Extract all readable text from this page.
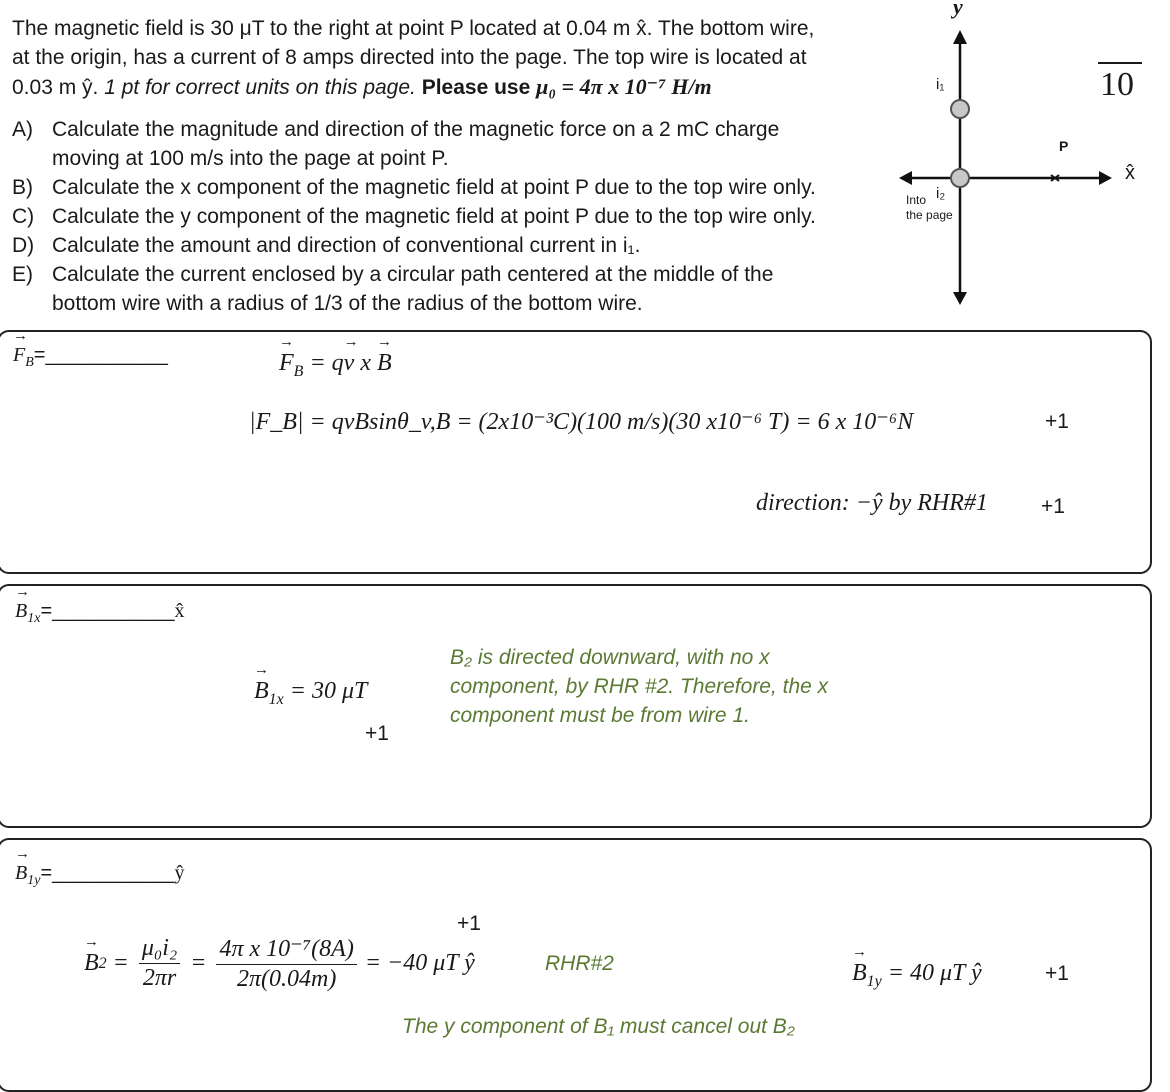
The magnetic field is 30 μT to the right at point P located at 0.04 m x̂. The bottom wire,
at the origin, has a current of 8 amps directed into the page. The top wire is located at
0.03 m ŷ. 1 pt for correct units on this page. Please use μ₀ = 4π x 10⁻⁷ H/m
A) Calculate the magnitude and direction of the magnetic force on a 2 mC charge
moving at 100 m/s into the page at point P.
B) Calculate the x component of the magnetic field at point P due to the top wire only.
C) Calculate the y component of the magnetic field at point P due to the top wire only.
D) Calculate the amount and direction of conventional current in i₁.
E) Calculate the current enclosed by a circular path centered at the middle of the
bottom wire with a radius of 1/3 of the radius of the bottom wire.
10
y
x̂
i₁
i₂
Into
the page
P
→ $F_B=\_\_\_\_\_\_\_\_\_\_\_$	→ $F_B = q\to v$ x → B
|F_B| = qvBsinθ_v,B = (2x10⁻³C)(100 m/s)(30 x10⁻⁶ T) = 6 x 10⁻⁶N	+1
direction: −ŷ by RHR#1	+1
→ $B_{1x}=\_\_\_\_\_\_\_\_\_\_\_x̂$
→ $B_{1x} = 30$ μT
+1
B₂ is directed downward, with no x
component, by RHR #2. Therefore, the x
component must be from wire 1.
→ $B_{1y}=\_\_\_\_\_\_\_\_\_\_\_ŷ$
+1
→ B $2 = \frac{\text{μ₀i₂}}{2\pi r} = \frac{\text{4π x 10⁻⁷(8A)}}{2\pi(0.04m)} = -40$ μT ŷ	RHR#2	→ $B_{1y} = 40$ μT ŷ	+1
The y component of B₁ must cancel out B₂
